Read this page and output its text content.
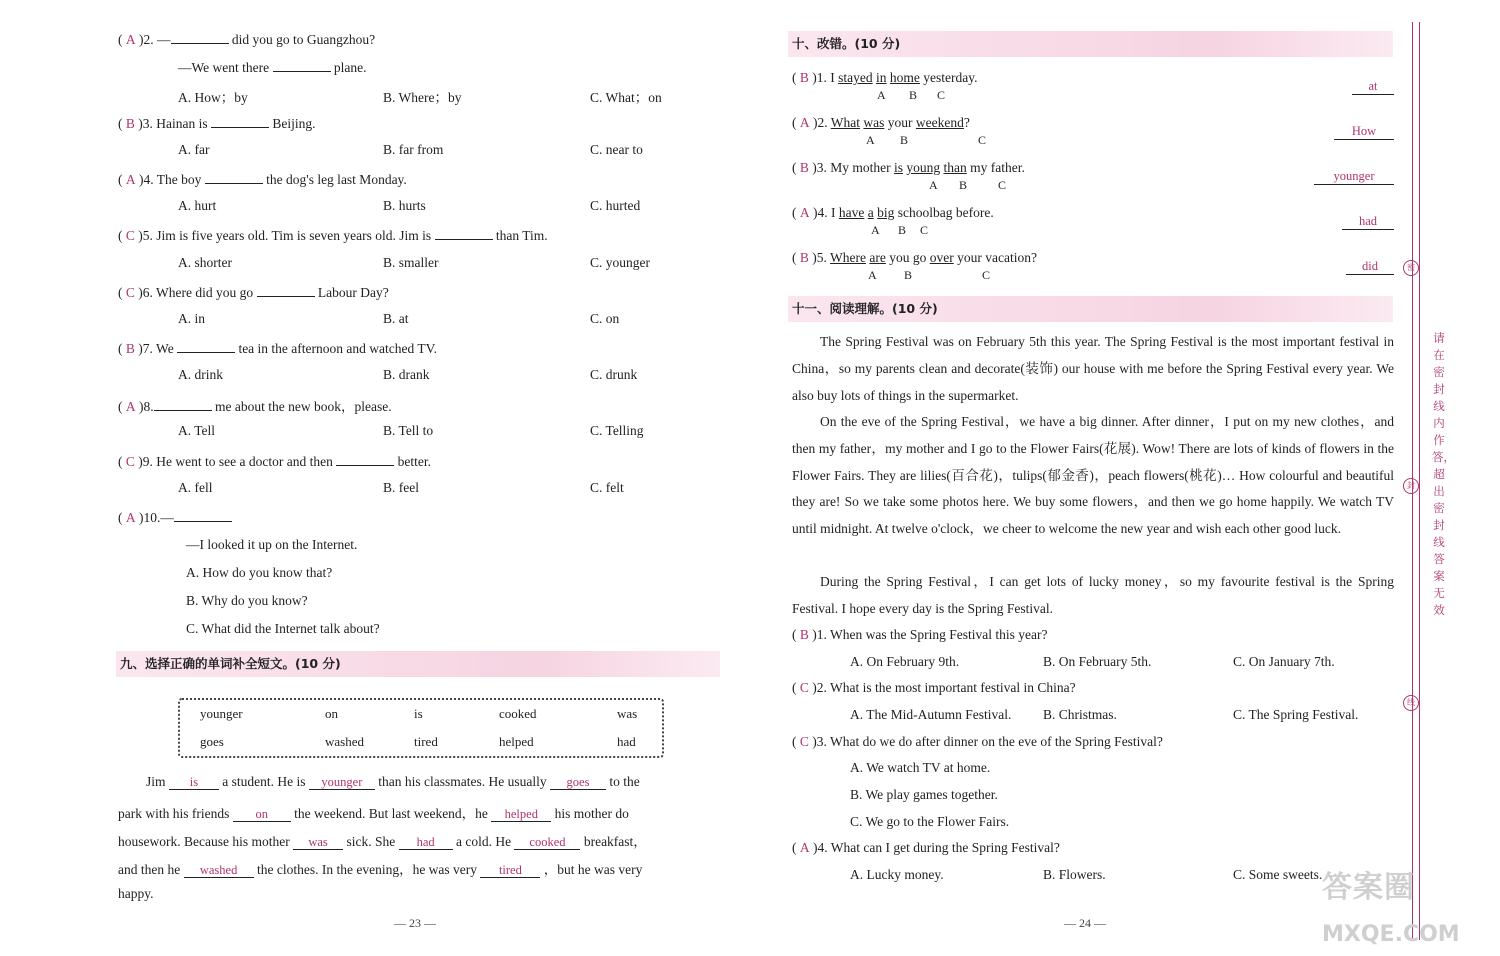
( A )2. —	did you go to Guangzhou?
—We went there	plane.
A. How；by	B. Where；by	C. What；on
( B )3. Hainan is	Beijing.
A. far	B. far from	C. near to
( A )4. The boy	the dog's leg last Monday.
A. hurt	B. hurts	C. hurted
( C )5. Jim is five years old. Tim is seven years old. Jim is	than Tim.
A. shorter	B. smaller	C. younger
( C )6. Where did you go	Labour Day?
A. in	B. at	C. on
( B )7. We	tea in the afternoon and watched TV.
A. drink	B. drank	C. drunk
( A )8.	me about the new book，please.
A. Tell	B. Tell to	C. Telling
( C )9. He went to see a doctor and then	better.
A. fell	B. feel	C. felt
( A )10.—
—I looked it up on the Internet.
A. How do you know that?
B. Why do you know?
C. What did the Internet talk about?
九、选择正确的单词补全短文。(10 分)
younger	on	is	cooked	was
goes	washed	tired	helped	had
Jim is a student. He is younger than his classmates. He usually goes to the
park with his friends on the weekend. But last weekend，he helped his mother do
housework. Because his mother was sick. She had a cold. He cooked breakfast，
and then he washed the clothes. In the evening，he was very tired ，but he was very
happy.
— 23 —
十、改错。(10 分)
( B )1. I stayed in home yesterday.
A B C
at
( A )2. What was your weekend?
A B	C
How
( B )3. My mother is young than my father.
A B	C
younger
( A )4. I have a big schoolbag before.
A B C
had
( B )5. Where are you go over your vacation?
A B	C
did
十一、阅读理解。(10 分)
The Spring Festival was on February 5th this year. The Spring Festival is the most important festival in China，so my parents clean and decorate(装饰) our house with me before the Spring Festival every year. We also buy lots of things in the supermarket.
On the eve of the Spring Festival，we have a big dinner. After dinner，I put on my new clothes，and then my father，my mother and I go to the Flower Fairs(花展). Wow! There are lots of kinds of flowers in the Flower Fairs. They are lilies(百合花)，tulips(郁金香)，peach flowers(桃花)… How colourful and beautiful they are! So we take some photos here. We buy some flowers，and then we go home happily. We watch TV until midnight. At twelve o'clock，we cheer to welcome the new year and wish each other good luck.
During the Spring Festival，I can get lots of lucky money，so my favourite festival is the Spring Festival. I hope every day is the Spring Festival.
( B )1. When was the Spring Festival this year?
A. On February 9th.	B. On February 5th.	C. On January 7th.
( C )2. What is the most important festival in China?
A. The Mid-Autumn Festival. B. Christmas.	C. The Spring Festival.
( C )3. What do we do after dinner on the eve of the Spring Festival?
A. We watch TV at home.
B. We play games together.
C. We go to the Flower Fairs.
( A )4. What can I get during the Spring Festival?
A. Lucky money.	B. Flowers.	C. Some sweets.
— 24 —
密
封
线
请在密封线内作答，超出密封线答案无效
答案圈
MXQE.COM
